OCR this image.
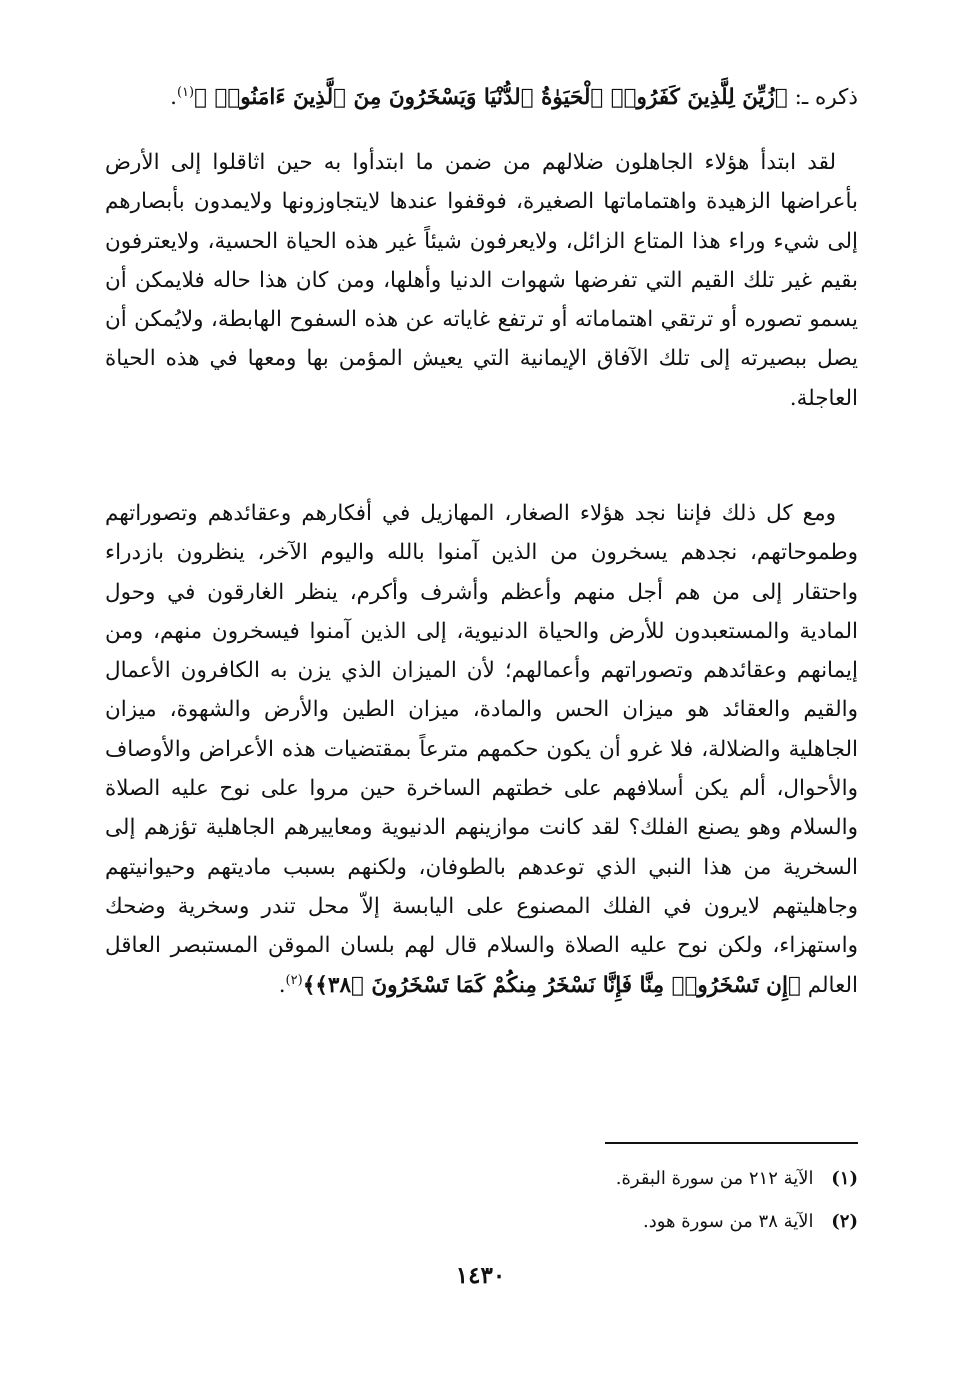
ذكره ـ: ﴿زُيِّنَ لِلَّذِينَ كَفَرُوا۟ ٱلْحَيَوٰةُ ٱلدُّنْيَا وَيَسْخَرُونَ مِنَ ٱلَّذِينَ ءَامَنُوا۟ ﴾$^{(١)}$.
لقد ابتدأ هؤلاء الجاهلون ضلالهم من ضمن ما ابتدأوا به حين اثاقلوا إلى الأرض بأعراضها الزهيدة واهتماماتها الصغيرة، فوقفوا عندها لايتجاوزونها ولايمدون بأبصارهم إلى شيء وراء هذا المتاع الزائل، ولايعرفون شيئاً غير هذه الحياة الحسية، ولايعترفون بقيم غير تلك القيم التي تفرضها شهوات الدنيا وأهلها، ومن كان هذا حاله فلايمكن أن يسمو تصوره أو ترتقي اهتماماته أو ترتفع غاياته عن هذه السفوح الهابطة، ولايُمكن أن يصل ببصيرته إلى تلك الآفاق الإيمانية التي يعيش المؤمن بها ومعها في هذه الحياة العاجلة.
ومع كل ذلك فإننا نجد هؤلاء الصغار، المهازيل في أفكارهم وعقائدهم وتصوراتهم وطموحاتهم، نجدهم يسخرون من الذين آمنوا بالله واليوم الآخر، ينظرون بازدراء واحتقار إلى من هم أجل منهم وأعظم وأشرف وأكرم، ينظر الغارقون في وحول المادية والمستعبدون للأرض والحياة الدنيوية، إلى الذين آمنوا فيسخرون منهم، ومن إيمانهم وعقائدهم وتصوراتهم وأعمالهم؛ لأن الميزان الذي يزن به الكافرون الأعمال والقيم والعقائد هو ميزان الحس والمادة، ميزان الطين والأرض والشهوة، ميزان الجاهلية والضلالة، فلا غرو أن يكون حكمهم مترعاً بمقتضيات هذه الأعراض والأوصاف والأحوال، ألم يكن أسلافهم على خطتهم الساخرة حين مروا على نوح عليه الصلاة والسلام وهو يصنع الفلك؟ لقد كانت موازينهم الدنيوية ومعاييرهم الجاهلية تؤزهم إلى السخرية من هذا النبي الذي توعدهم بالطوفان، ولكنهم بسبب ماديتهم وحيوانيتهم وجاهليتهم لايرون في الفلك المصنوع على اليابسة إلاّ محل تندر وسخرية وضحك واستهزاء، ولكن نوح عليه الصلاة والسلام قال لهم بلسان الموقن المستبصر العاقل العالم ﴿إِن تَسْخَرُوا۟ مِنَّا فَإِنَّا نَسْخَرُ مِنكُمْ كَمَا تَسْخَرُونَ ﴿٣٨﴾﴾$^{(٢)}$.
(١) الآية ٢١٢ من سورة البقرة.
(٢) الآية ٣٨ من سورة هود.
١٤٣٠
